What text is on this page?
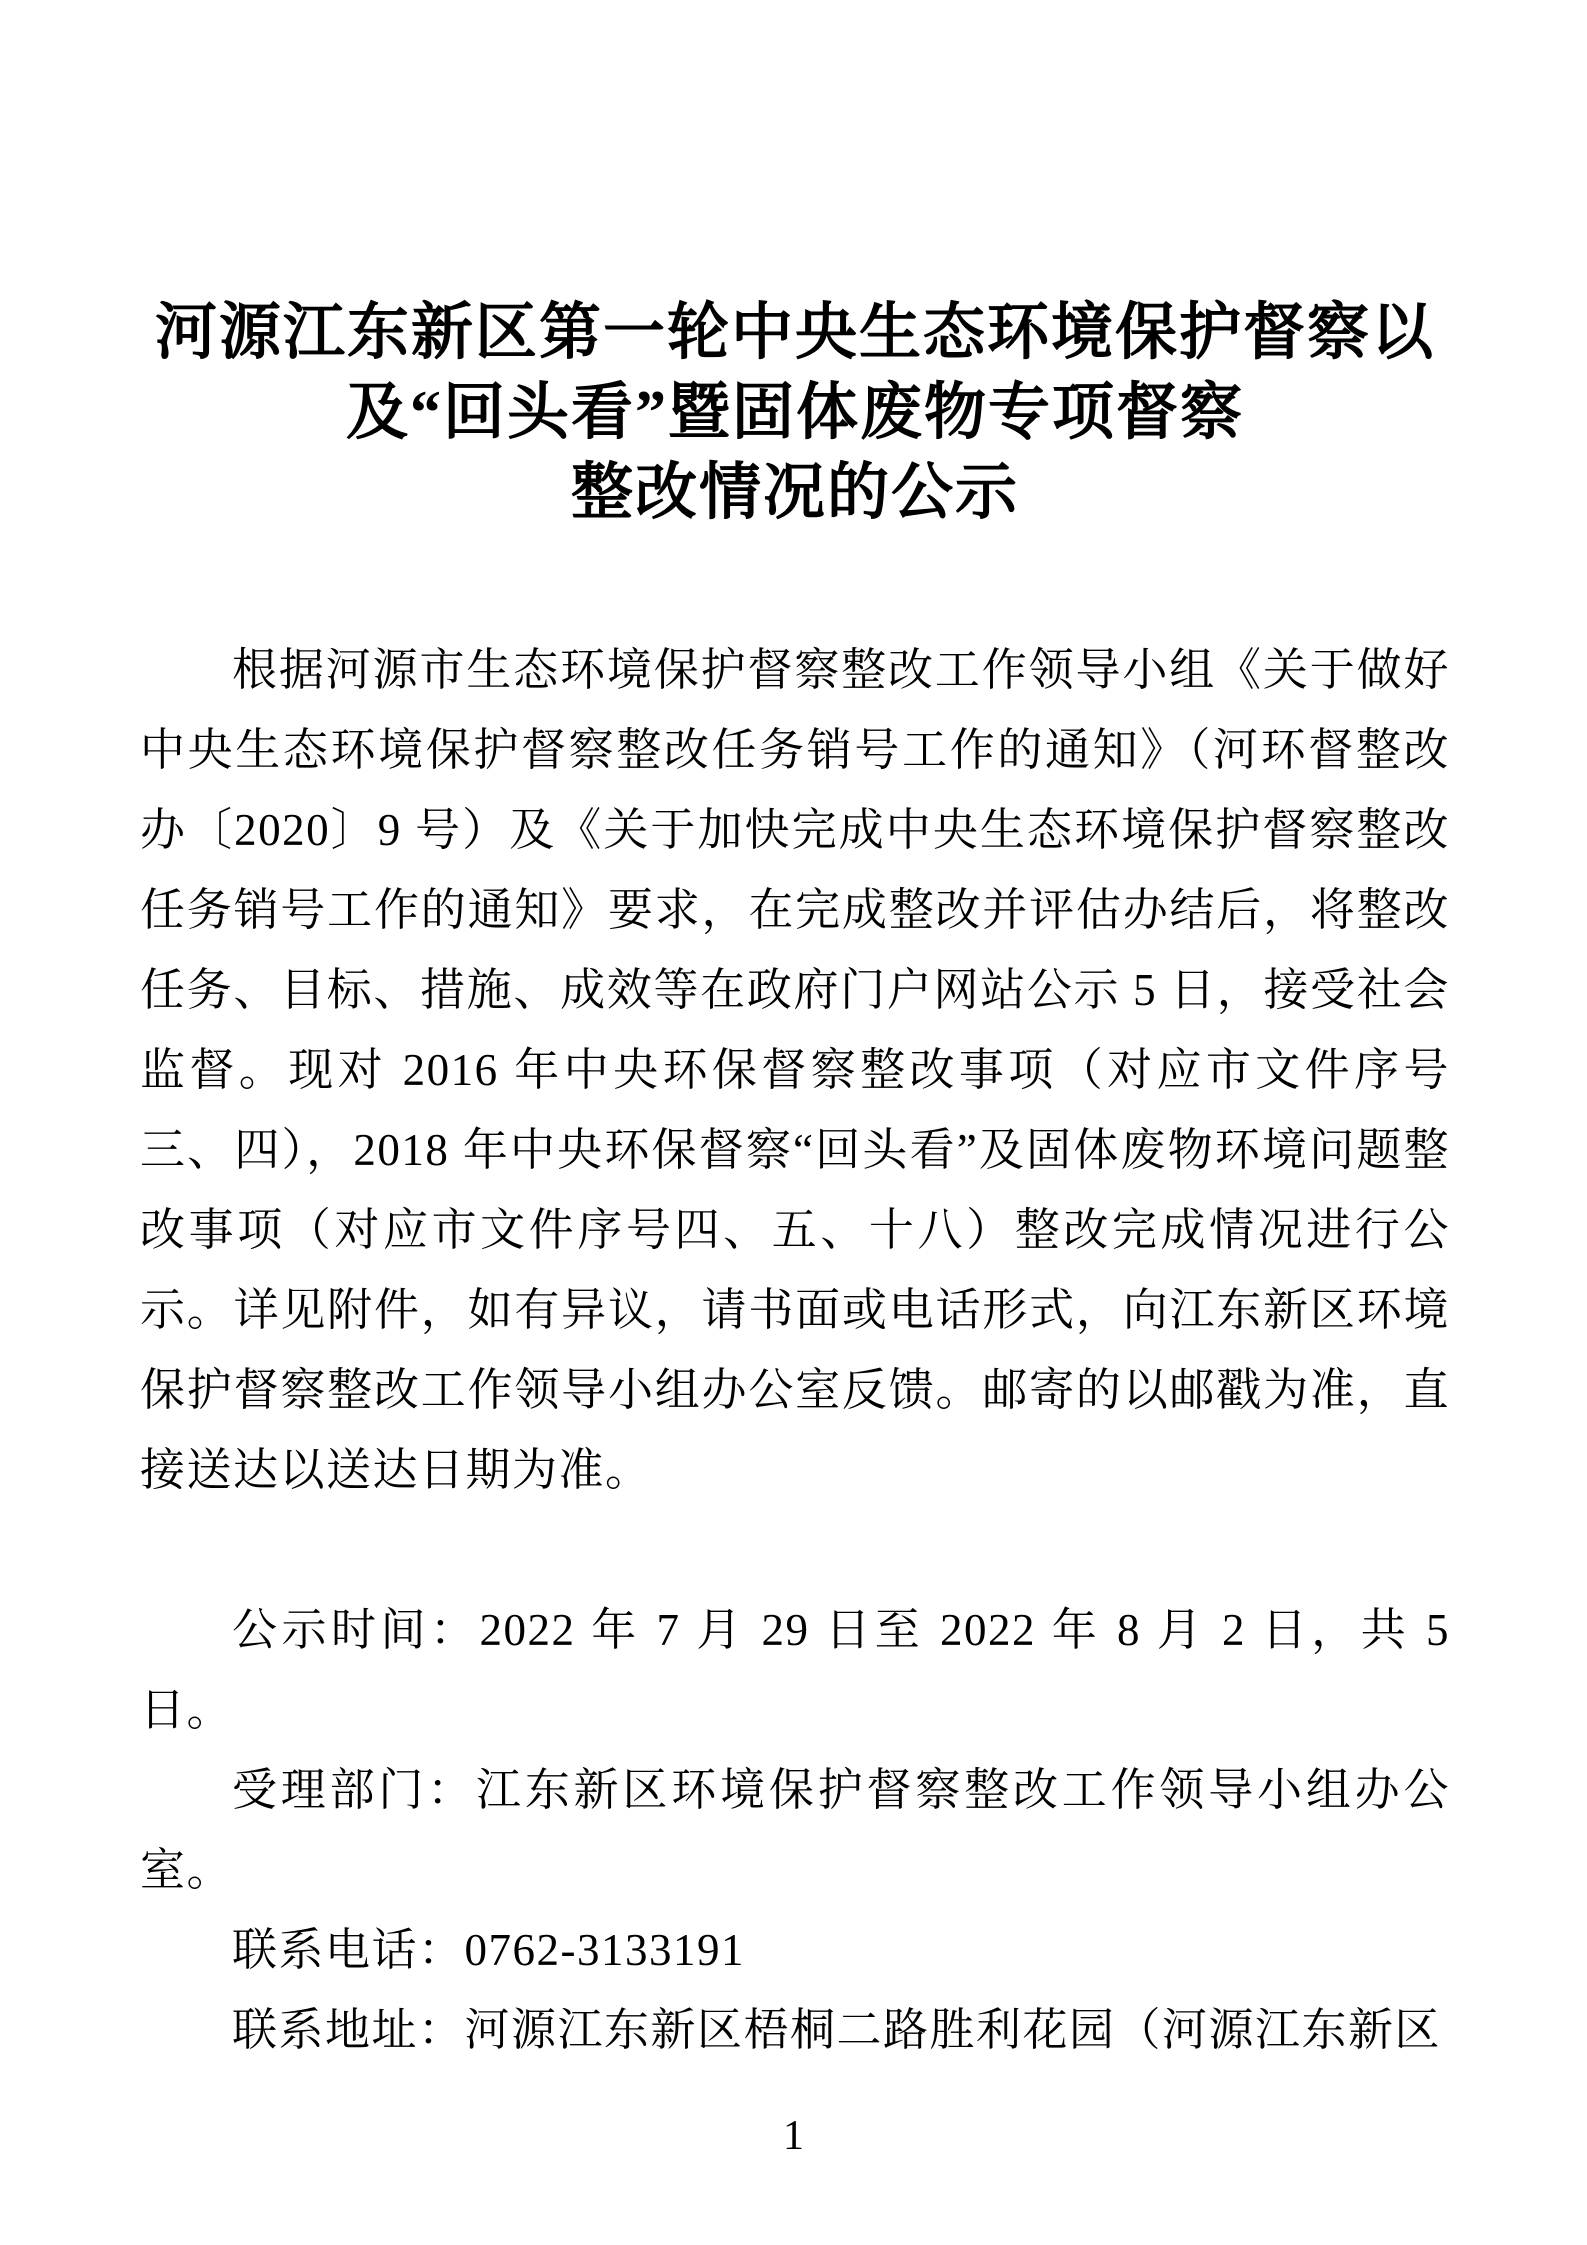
河源江东新区第一轮中央生态环境保护督察以
及“回头看”暨固体废物专项督察
整改情况的公示

根据河源市生态环境保护督察整改工作领导小组《关于做好中央生态环境保护督察整改任务销号工作的通知》（河环督整改办〔2020〕9 号）及《关于加快完成中央生态环境保护督察整改任务销号工作的通知》要求，在完成整改并评估办结后，将整改任务、目标、措施、成效等在政府门户网站公示 5 日，接受社会监督。现对 2016 年中央环保督察整改事项（对应市文件序号三、四），2018 年中央环保督察“回头看”及固体废物环境问题整改事项（对应市文件序号四、五、十八）整改完成情况进行公示。详见附件，如有异议，请书面或电话形式，向江东新区环境保护督察整改工作领导小组办公室反馈。邮寄的以邮戳为准，直接送达以送达日期为准。

公示时间：2022 年 7 月 29 日至 2022 年 8 月 2 日，共 5 日。

受理部门：江东新区环境保护督察整改工作领导小组办公室。

联系电话：0762-3133191

联系地址：河源江东新区梧桐二路胜利花园（河源江东新区

1
